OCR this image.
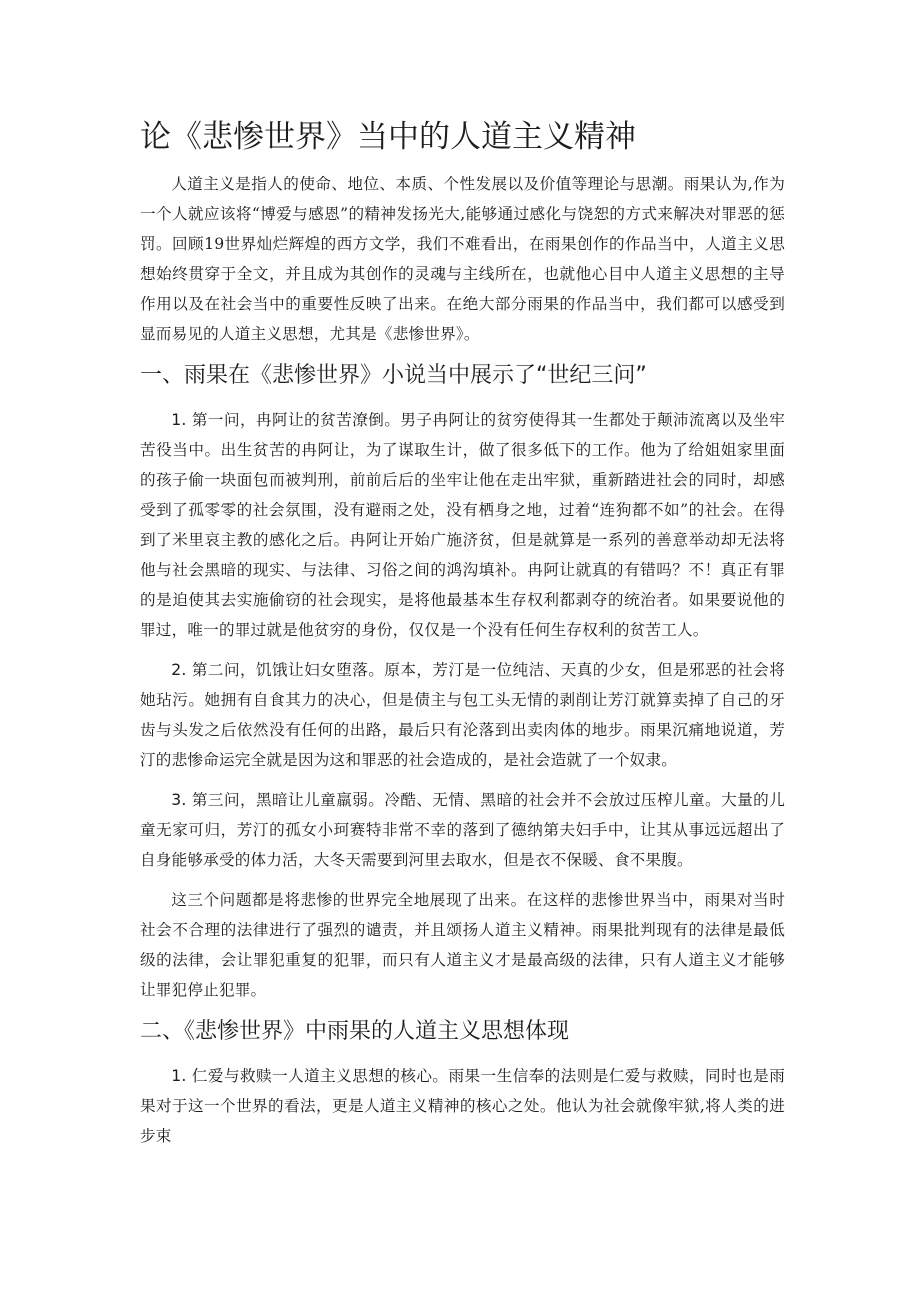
论《悲惨世界》当中的人道主义精神

人道主义是指人的使命、地位、本质、个性发展以及价值等理论与思潮。雨果认为,作为一个人就应该将“博爱与感恩”的精神发扬光大,能够通过感化与饶恕的方式来解决对罪恶的惩罚。回顾19世界灿烂辉煌的西方文学，我们不难看出，在雨果创作的作品当中，人道主义思想始终贯穿于全文，并且成为其创作的灵魂与主线所在，也就他心目中人道主义思想的主导作用以及在社会当中的重要性反映了出来。在绝大部分雨果的作品当中，我们都可以感受到显而易见的人道主义思想，尤其是《悲惨世界》。

一、雨果在《悲惨世界》小说当中展示了“世纪三问”

1. 第一问，冉阿让的贫苦潦倒。男子冉阿让的贫穷使得其一生都处于颠沛流离以及坐牢苦役当中。出生贫苦的冉阿让，为了谋取生计，做了很多低下的工作。他为了给姐姐家里面的孩子偷一块面包而被判刑，前前后后的坐牢让他在走出牢狱，重新踏进社会的同时，却感受到了孤零零的社会氛围，没有避雨之处，没有栖身之地，过着“连狗都不如”的社会。在得到了米里哀主教的感化之后。冉阿让开始广施济贫，但是就算是一系列的善意举动却无法将他与社会黑暗的现实、与法律、习俗之间的鸿沟填补。冉阿让就真的有错吗？不！真正有罪的是迫使其去实施偷窃的社会现实，是将他最基本生存权利都剥夺的统治者。如果要说他的罪过，唯一的罪过就是他贫穷的身份，仅仅是一个没有任何生存权利的贫苦工人。

2. 第二问，饥饿让妇女堕落。原本，芳汀是一位纯洁、天真的少女，但是邪恶的社会将她玷污。她拥有自食其力的决心，但是债主与包工头无情的剥削让芳汀就算卖掉了自己的牙齿与头发之后依然没有任何的出路，最后只有沦落到出卖肉体的地步。雨果沉痛地说道，芳汀的悲惨命运完全就是因为这和罪恶的社会造成的，是社会造就了一个奴隶。

3. 第三问，黑暗让儿童羸弱。冷酷、无情、黑暗的社会并不会放过压榨儿童。大量的儿童无家可归，芳汀的孤女小珂赛特非常不幸的落到了德纳第夫妇手中，让其从事远远超出了自身能够承受的体力活，大冬天需要到河里去取水，但是衣不保暖、食不果腹。

这三个问题都是将悲惨的世界完全地展现了出来。在这样的悲惨世界当中，雨果对当时社会不合理的法律进行了强烈的谴责，并且颂扬人道主义精神。雨果批判现有的法律是最低级的法律，会让罪犯重复的犯罪，而只有人道主义才是最高级的法律，只有人道主义才能够让罪犯停止犯罪。

二、《悲惨世界》中雨果的人道主义思想体现

1. 仁爱与救赎一人道主义思想的核心。雨果一生信奉的法则是仁爱与救赎，同时也是雨果对于这一个世界的看法，更是人道主义精神的核心之处。他认为社会就像牢狱,将人类的进步束
